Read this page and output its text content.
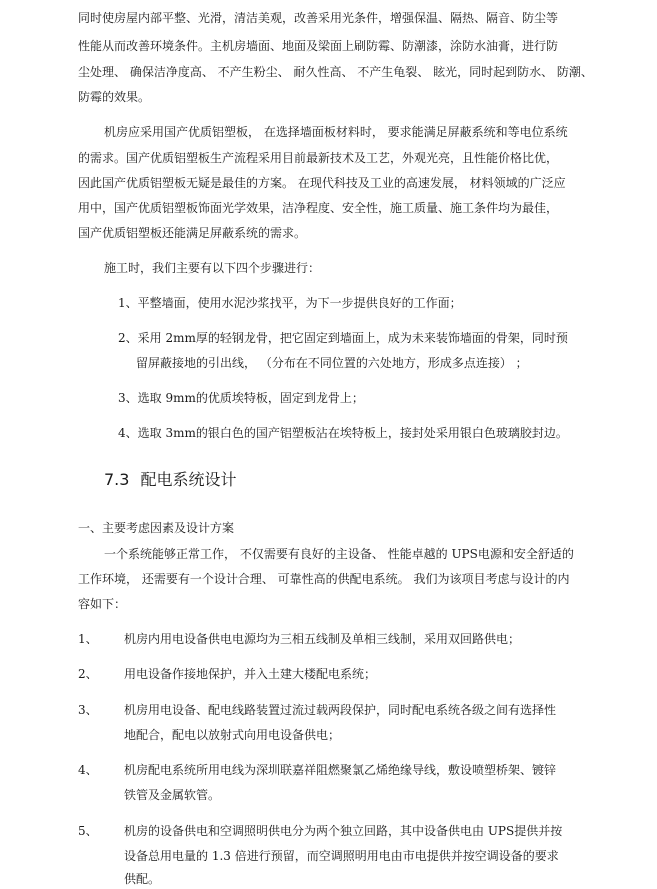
同时使房屋内部平整、光滑，清洁美观，改善采用光条件，增强保温、隔热、隔音、防尘等
性能从而改善环境条件。主机房墙面、地面及梁面上刷防霉、防潮漆，涂防水油膏，进行防
尘处理、 确保洁净度高、 不产生粉尘、 耐久性高、 不产生龟裂、 眩光，同时起到防水、 防潮、
防霉的效果。
机房应采用国产优质铝塑板， 在选择墙面板材料时， 要求能满足屏蔽系统和等电位系统
的需求。国产优质铝塑板生产流程采用目前最新技术及工艺，外观光亮，且性能价格比优，
因此国产优质铝塑板无疑是最佳的方案。 在现代科技及工业的高速发展， 材料领域的广泛应
用中，国产优质铝塑板饰面光学效果，洁净程度、安全性，施工质量、施工条件均为最佳，
国产优质铝塑板还能满足屏蔽系统的需求。
施工时，我们主要有以下四个步骤进行：
1、平整墙面，使用水泥沙浆找平，为下一步提供良好的工作面；
2、采用 2mm厚的轻钢龙骨，把它固定到墙面上，成为未来装饰墙面的骨架，同时预
留屏蔽接地的引出线， （分布在不同位置的六处地方，形成多点连接） ；
3、选取 9mm的优质埃特板，固定到龙骨上；
4、选取 3mm的银白色的国产铝塑板沾在埃特板上，接封处采用银白色玻璃胶封边。
7.3 配电系统设计
一、主要考虑因素及设计方案
一个系统能够正常工作， 不仅需要有良好的主设备、 性能卓越的 UPS电源和安全舒适的
工作环境， 还需要有一个设计合理、 可靠性高的供配电系统。 我们为该项目考虑与设计的内
容如下：
1、 机房内用电设备供电电源均为三相五线制及单相三线制，采用双回路供电；
2、 用电设备作接地保护，并入土建大楼配电系统；
3、 机房用电设备、配电线路装置过流过载两段保护，同时配电系统各级之间有选择性
地配合，配电以放射式向用电设备供电；
4、 机房配电系统所用电线为深圳联嘉祥阻燃聚氯乙烯绝缘导线，敷设喷塑桥架、镀锌
铁管及金属软管。
5、 机房的设备供电和空调照明供电分为两个独立回路，其中设备供电由 UPS提供并按
设备总用电量的 1.3 倍进行预留，而空调照明用电由市电提供并按空调设备的要求
供配。
